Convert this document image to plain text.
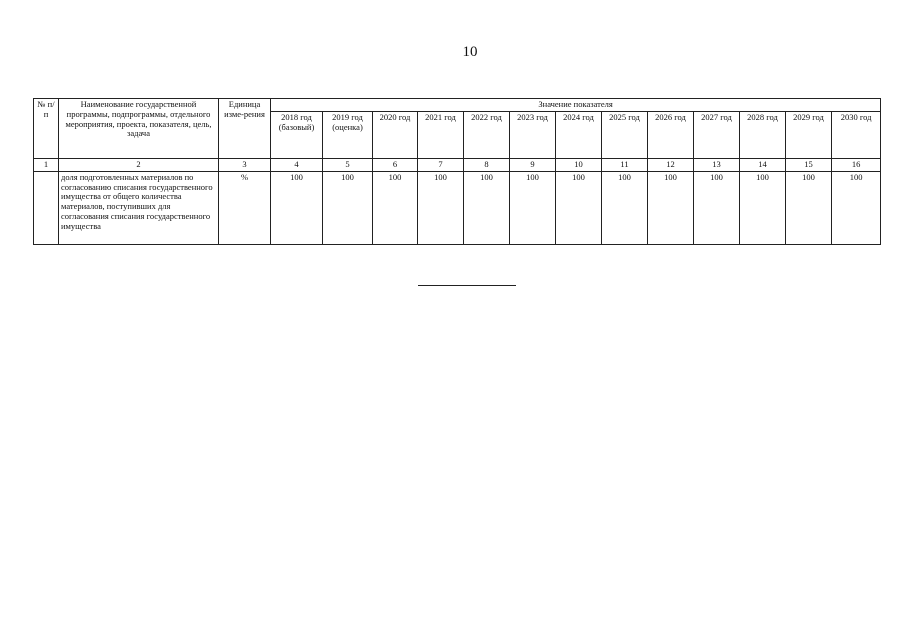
10
№ п/п	Наименование государственной программы, подпрограммы, отдельного мероприятия, проекта, показателя, цель, задача	Единица изме-рения	Значение показателя												
			2018 год (базовый)	2019 год (оценка)	2020 год	2021 год	2022 год	2023 год	2024 год	2025 год	2026 год	2027 год	2028 год	2029 год	2030 год
1	2	3	4	5	6	7	8	9	10	11	12	13	14	15	16
	доля подготовленных материалов по согласованию списания государственного имущества от общего количества материалов, поступивших для согласования списания государственного имущества	%	100	100	100	100	100	100	100	100	100	100	100	100	100
